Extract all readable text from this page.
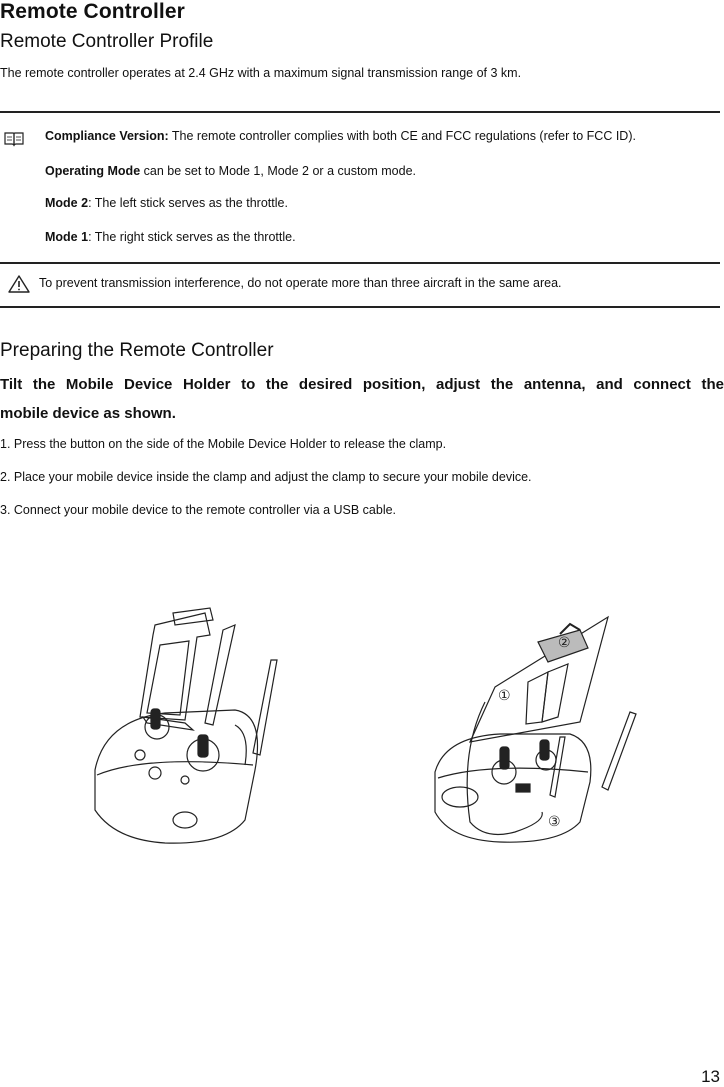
Remote Controller
Remote Controller Profile
The remote controller operates at 2.4 GHz with a maximum signal transmission range of 3 km.
Compliance Version: The remote controller complies with both CE and FCC regulations (refer to FCC ID).
Operating Mode can be set to Mode 1, Mode 2 or a custom mode.
Mode 2: The left stick serves as the throttle.
Mode 1: The right stick serves as the throttle.
To prevent transmission interference, do not operate more than three aircraft in the same area.
Preparing the Remote Controller
Tilt the Mobile Device Holder to the desired position, adjust the antenna, and connect the
mobile device as shown.
1. Press the button on the side of the Mobile Device Holder to release the clamp.
2. Place your mobile device inside the clamp and adjust the clamp to secure your mobile device.
3. Connect your mobile device to the remote controller via a USB cable.
①
②
③
13
